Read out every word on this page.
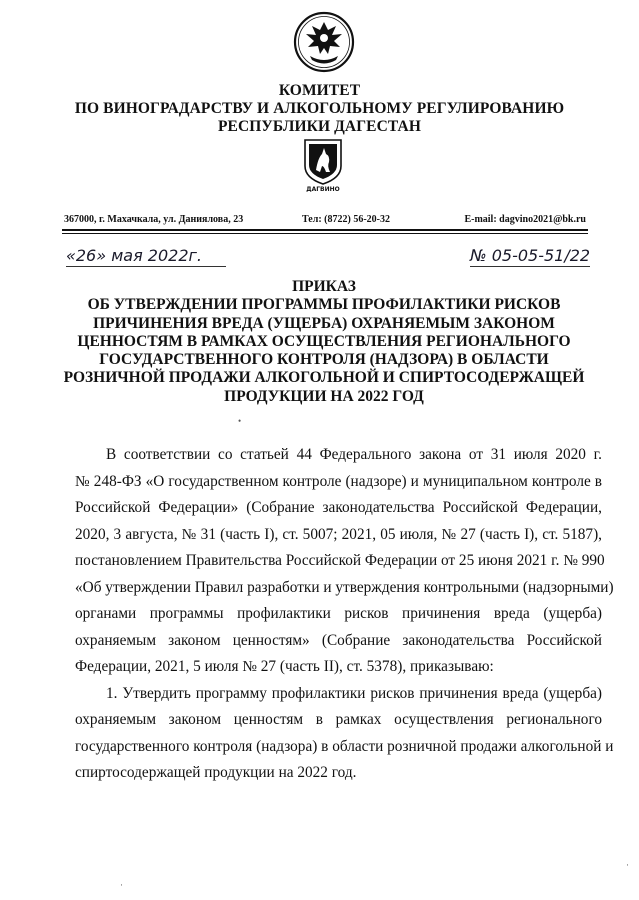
КОМИТЕТ
ПО ВИНОГРАДАРСТВУ И АЛКОГОЛЬНОМУ РЕГУЛИРОВАНИЮ
РЕСПУБЛИКИ ДАГЕСТАН
ДАГВИНО
367000, г. Махачкала, ул. Даниялова, 23	Тел: (8722) 56-20-32	E-mail: dagvino2021@bk.ru
«26» мая 2022г.	№ 05-05-51/22
ПРИКАЗ
ОБ УТВЕРЖДЕНИИ ПРОГРАММЫ ПРОФИЛАКТИКИ РИСКОВ
ПРИЧИНЕНИЯ ВРЕДА (УЩЕРБА) ОХРАНЯЕМЫМ ЗАКОНОМ
ЦЕННОСТЯМ В РАМКАХ ОСУЩЕСТВЛЕНИЯ РЕГИОНАЛЬНОГО
ГОСУДАРСТВЕННОГО КОНТРОЛЯ (НАДЗОРА) В ОБЛАСТИ
РОЗНИЧНОЙ ПРОДАЖИ АЛКОГОЛЬНОЙ И СПИРТОСОДЕРЖАЩЕЙ
ПРОДУКЦИИ НА 2022 ГОД
•
В соответствии со статьей 44 Федерального закона от 31 июля 2020 г.
№ 248-ФЗ «О государственном контроле (надзоре) и муниципальном контроле в
Российской Федерации» (Собрание законодательства Российской Федерации,
2020, 3 августа, № 31 (часть I), ст. 5007; 2021, 05 июля, № 27 (часть I), ст. 5187),
постановлением Правительства Российской Федерации от 25 июня 2021 г. № 990
«Об утверждении Правил разработки и утверждения контрольными (надзорными)
органами программы профилактики рисков причинения вреда (ущерба)
охраняемым законом ценностям» (Собрание законодательства Российской
Федерации, 2021, 5 июля № 27 (часть II), ст. 5378), приказываю:
1. Утвердить программу профилактики рисков причинения вреда (ущерба)
охраняемым законом ценностям в рамках осуществления регионального
государственного контроля (надзора) в области розничной продажи алкогольной и
спиртосодержащей продукции на 2022 год.
·
·
